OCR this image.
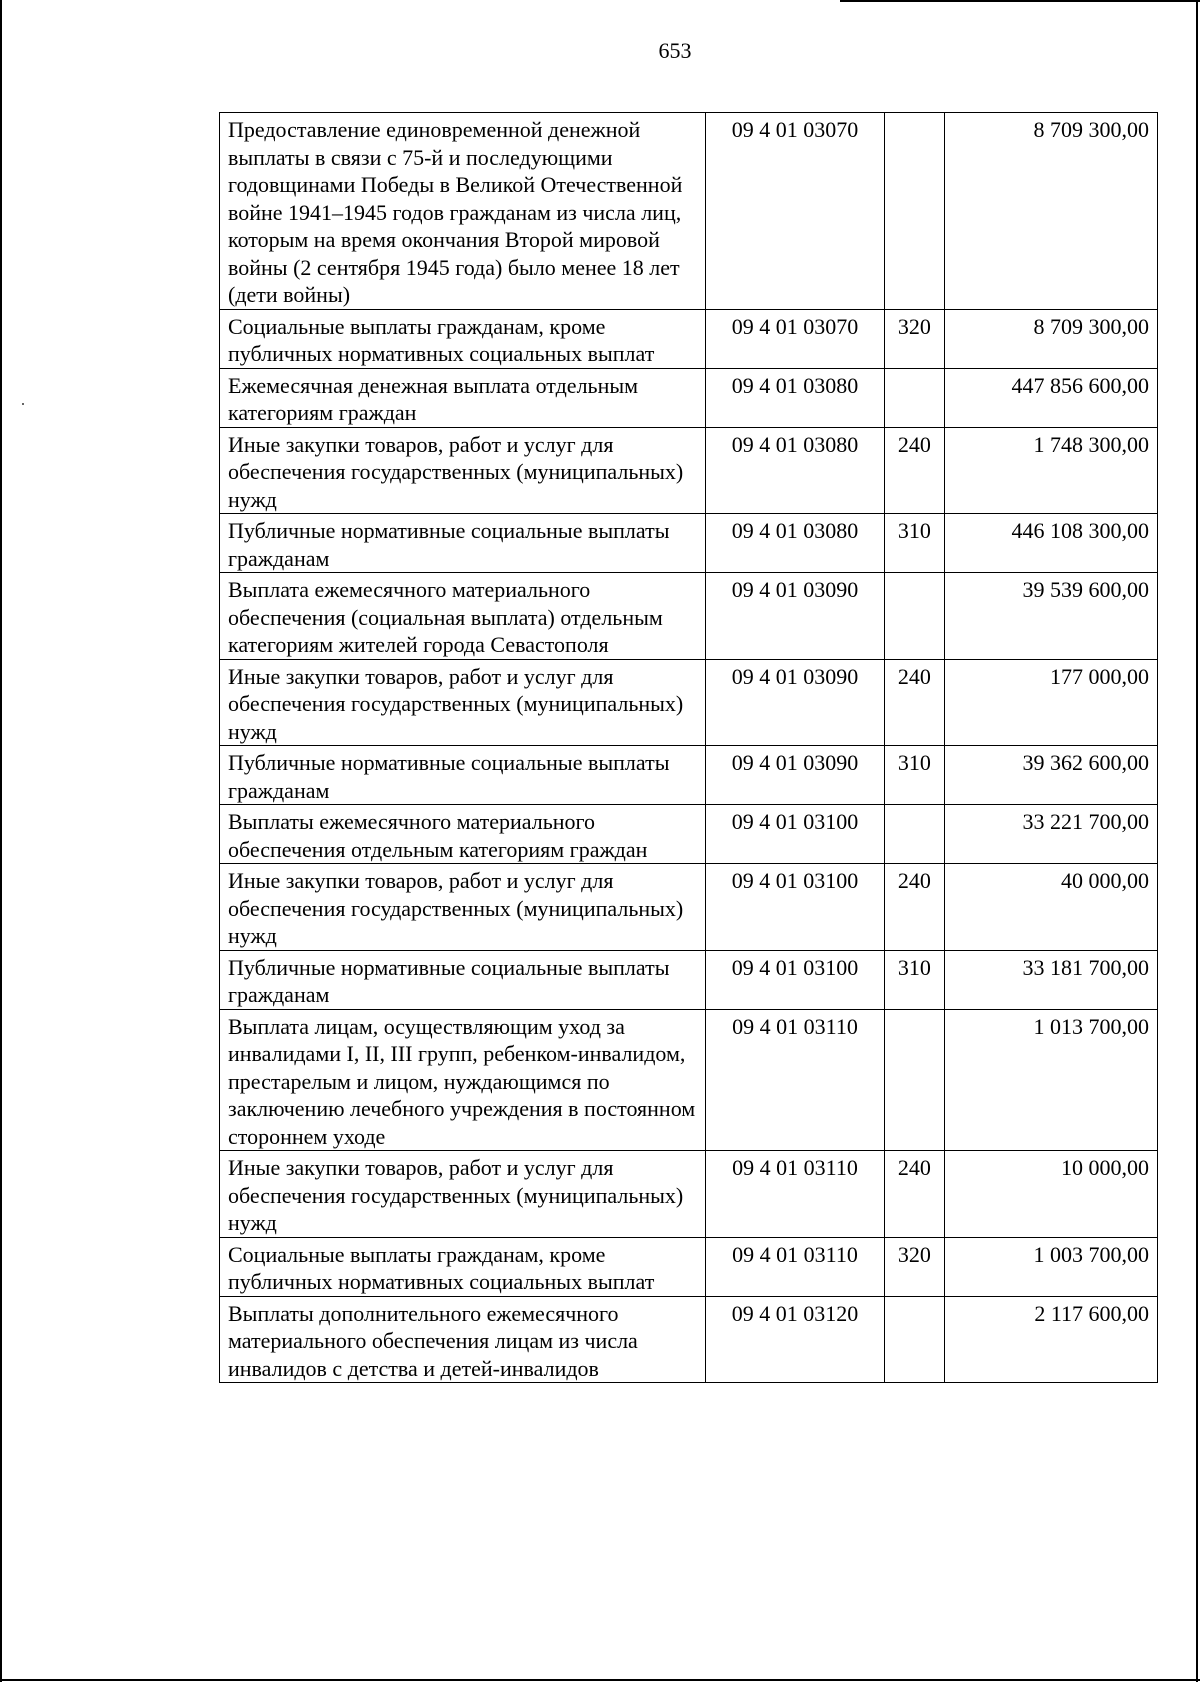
653
Предоставление единовременной денежной выплаты в связи с 75-й и последующими годовщинами Победы в Великой Отечественной войне 1941–1945 годов гражданам из числа лиц, которым на время окончания Второй мировой войны (2 сентября 1945 года) было менее 18 лет (дети войны)	09 4 01 03070		8 709 300,00
Социальные выплаты гражданам, кроме публичных нормативных социальных выплат	09 4 01 03070	320	8 709 300,00
Ежемесячная денежная выплата отдельным категориям граждан	09 4 01 03080		447 856 600,00
Иные закупки товаров, работ и услуг для обеспечения государственных (муниципальных) нужд	09 4 01 03080	240	1 748 300,00
Публичные нормативные социальные выплаты гражданам	09 4 01 03080	310	446 108 300,00
Выплата ежемесячного материального обеспечения (социальная выплата) отдельным категориям жителей города Севастополя	09 4 01 03090		39 539 600,00
Иные закупки товаров, работ и услуг для обеспечения государственных (муниципальных) нужд	09 4 01 03090	240	177 000,00
Публичные нормативные социальные выплаты гражданам	09 4 01 03090	310	39 362 600,00
Выплаты ежемесячного материального обеспечения отдельным категориям граждан	09 4 01 03100		33 221 700,00
Иные закупки товаров, работ и услуг для обеспечения государственных (муниципальных) нужд	09 4 01 03100	240	40 000,00
Публичные нормативные социальные выплаты гражданам	09 4 01 03100	310	33 181 700,00
Выплата лицам, осуществляющим уход за инвалидами I, II, III групп, ребенком-инвалидом, престарелым и лицом, нуждающимся по заключению лечебного учреждения в постоянном стороннем уходе	09 4 01 03110		1 013 700,00
Иные закупки товаров, работ и услуг для обеспечения государственных (муниципальных) нужд	09 4 01 03110	240	10 000,00
Социальные выплаты гражданам, кроме публичных нормативных социальных выплат	09 4 01 03110	320	1 003 700,00
Выплаты дополнительного ежемесячного материального обеспечения лицам из числа инвалидов с детства и детей-инвалидов	09 4 01 03120		2 117 600,00
